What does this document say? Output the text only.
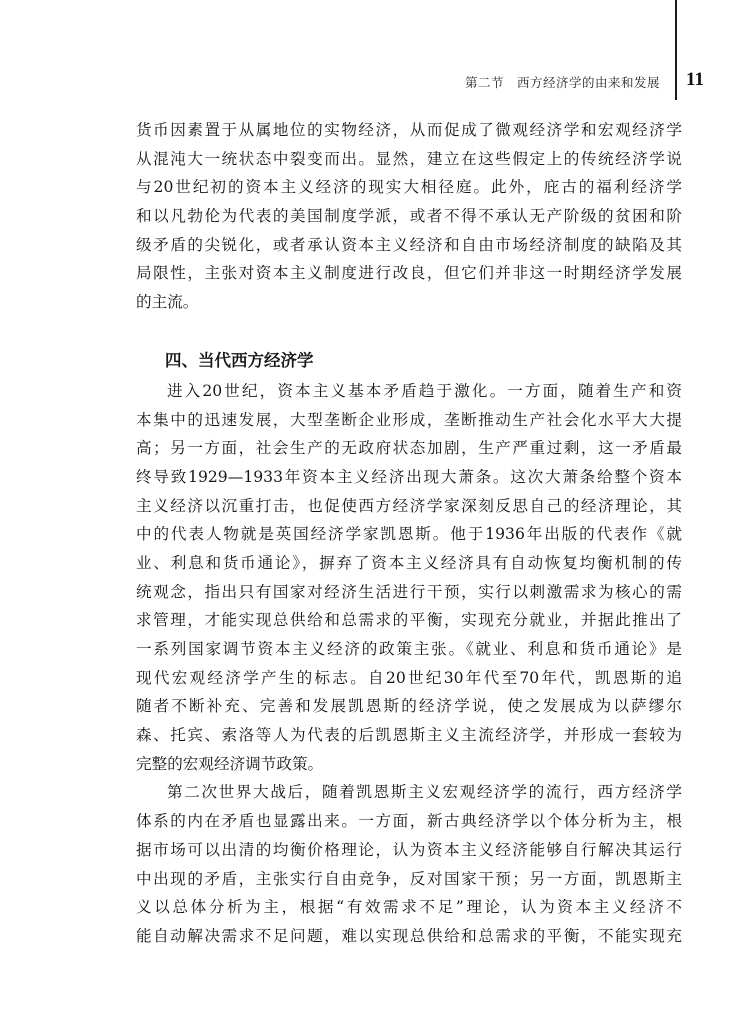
第二节　西方经济学的由来和发展 11
货币因素置于从属地位的实物经济，从而促成了微观经济学和宏观经济学
从混沌大一统状态中裂变而出。显然，建立在这些假定上的传统经济学说
与20世纪初的资本主义经济的现实大相径庭。此外，庇古的福利经济学
和以凡勃伦为代表的美国制度学派，或者不得不承认无产阶级的贫困和阶
级矛盾的尖锐化，或者承认资本主义经济和自由市场经济制度的缺陷及其
局限性，主张对资本主义制度进行改良，但它们并非这一时期经济学发展
的主流。
四、当代西方经济学
进入20世纪，资本主义基本矛盾趋于激化。一方面，随着生产和资
本集中的迅速发展，大型垄断企业形成，垄断推动生产社会化水平大大提
高；另一方面，社会生产的无政府状态加剧，生产严重过剩，这一矛盾最
终导致1929—1933年资本主义经济出现大萧条。这次大萧条给整个资本
主义经济以沉重打击，也促使西方经济学家深刻反思自己的经济理论，其
中的代表人物就是英国经济学家凯恩斯。他于1936年出版的代表作《就
业、利息和货币通论》，摒弃了资本主义经济具有自动恢复均衡机制的传
统观念，指出只有国家对经济生活进行干预，实行以刺激需求为核心的需
求管理，才能实现总供给和总需求的平衡，实现充分就业，并据此推出了
一系列国家调节资本主义经济的政策主张。《就业、利息和货币通论》是
现代宏观经济学产生的标志。自20世纪30年代至70年代，凯恩斯的追
随者不断补充、完善和发展凯恩斯的经济学说，使之发展成为以萨缪尔
森、托宾、索洛等人为代表的后凯恩斯主义主流经济学，并形成一套较为
完整的宏观经济调节政策。
第二次世界大战后，随着凯恩斯主义宏观经济学的流行，西方经济学
体系的内在矛盾也显露出来。一方面，新古典经济学以个体分析为主，根
据市场可以出清的均衡价格理论，认为资本主义经济能够自行解决其运行
中出现的矛盾，主张实行自由竞争，反对国家干预；另一方面，凯恩斯主
义以总体分析为主，根据“有效需求不足”理论，认为资本主义经济不
能自动解决需求不足问题，难以实现总供给和总需求的平衡，不能实现充
